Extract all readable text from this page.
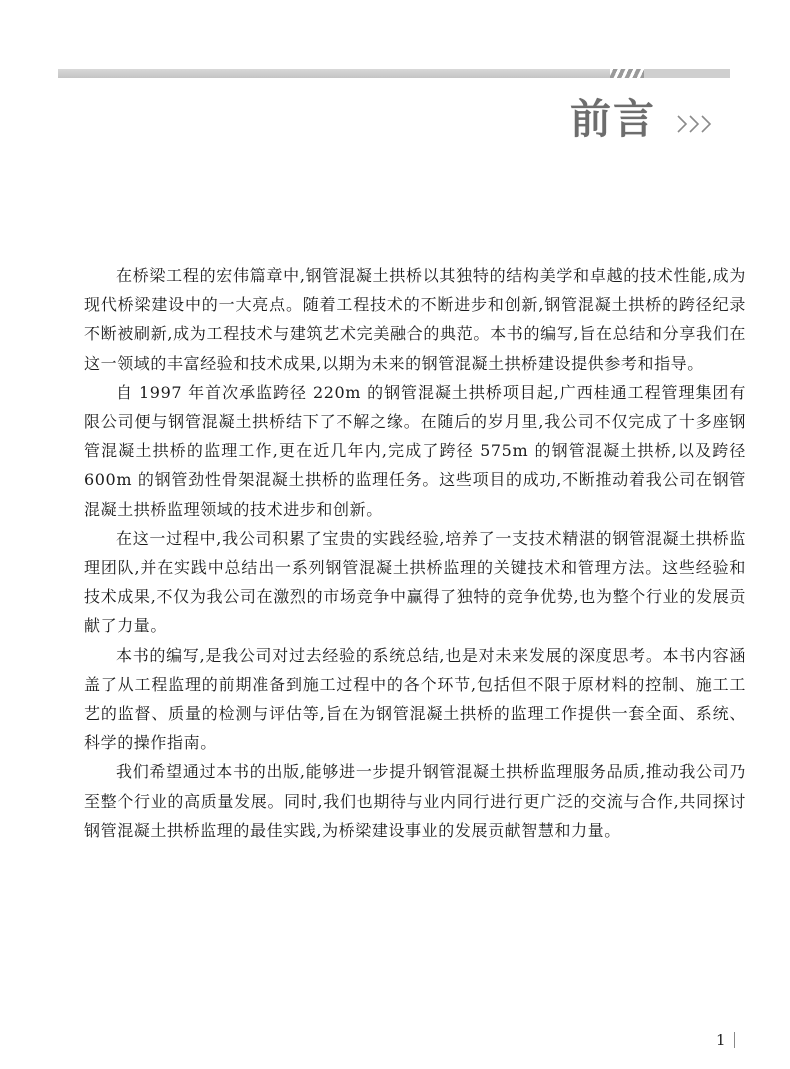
前言

在桥梁工程的宏伟篇章中,钢管混凝土拱桥以其独特的结构美学和卓越的技术性能,成为现代桥梁建设中的一大亮点。随着工程技术的不断进步和创新,钢管混凝土拱桥的跨径纪录不断被刷新,成为工程技术与建筑艺术完美融合的典范。本书的编写,旨在总结和分享我们在这一领域的丰富经验和技术成果,以期为未来的钢管混凝土拱桥建设提供参考和指导。

自 1997 年首次承监跨径 220m 的钢管混凝土拱桥项目起,广西桂通工程管理集团有限公司便与钢管混凝土拱桥结下了不解之缘。在随后的岁月里,我公司不仅完成了十多座钢管混凝土拱桥的监理工作,更在近几年内,完成了跨径 575m 的钢管混凝土拱桥,以及跨径 600m 的钢管劲性骨架混凝土拱桥的监理任务。这些项目的成功,不断推动着我公司在钢管混凝土拱桥监理领域的技术进步和创新。

在这一过程中,我公司积累了宝贵的实践经验,培养了一支技术精湛的钢管混凝土拱桥监理团队,并在实践中总结出一系列钢管混凝土拱桥监理的关键技术和管理方法。这些经验和技术成果,不仅为我公司在激烈的市场竞争中赢得了独特的竞争优势,也为整个行业的发展贡献了力量。

本书的编写,是我公司对过去经验的系统总结,也是对未来发展的深度思考。本书内容涵盖了从工程监理的前期准备到施工过程中的各个环节,包括但不限于原材料的控制、施工工艺的监督、质量的检测与评估等,旨在为钢管混凝土拱桥的监理工作提供一套全面、系统、科学的操作指南。

我们希望通过本书的出版,能够进一步提升钢管混凝土拱桥监理服务品质,推动我公司乃至整个行业的高质量发展。同时,我们也期待与业内同行进行更广泛的交流与合作,共同探讨钢管混凝土拱桥监理的最佳实践,为桥梁建设事业的发展贡献智慧和力量。

1
